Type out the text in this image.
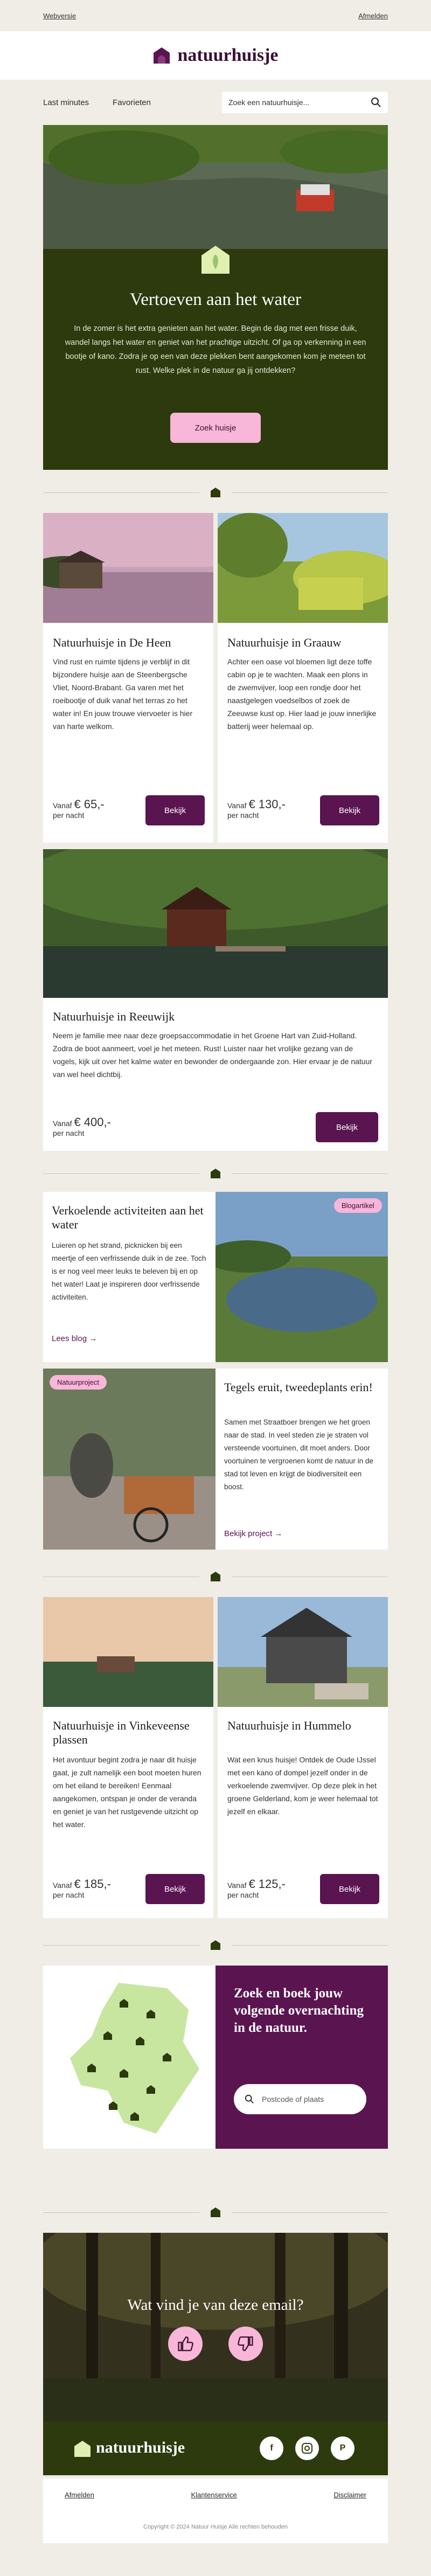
Webversie	Afmelden
natuurhuisje
Last minutes	Favorieten	Zoek een natuurhuisje...
Vertoeven aan het water

In de zomer is het extra genieten aan het water. Begin de dag met een frisse duik, wandel langs het water en geniet van het prachtige uitzicht. Of ga op verkenning in een bootje of kano. Zodra je op een van deze plekken bent aangekomen kom je meteen tot rust. Welke plek in de natuur ga jij ontdekken?

Zoek huisje
Natuurhuisje in De Heen
Vind rust en ruimte tijdens je verblijf in dit bijzondere huisje aan de Steenbergsche Vliet, Noord-Brabant. Ga varen met het roeibootje of duik vanaf het terras zo het water in! En jouw trouwe viervoeter is hier van harte welkom.
Vanaf € 65,-
per nacht
Bekijk
Natuurhuisje in Graauw
Achter een oase vol bloemen ligt deze toffe cabin op je te wachten. Maak een plons in de zwemvijver, loop een rondje door het naastgelegen voedselbos of zoek de Zeeuwse kust op. Hier laad je jouw innerlijke batterij weer helemaal op.
Vanaf € 130,-
per nacht
Bekijk
Natuurhuisje in Reeuwijk
Neem je familie mee naar deze groepsaccommodatie in het Groene Hart van Zuid-Holland. Zodra de boot aanmeert, voel je het meteen. Rust! Luister naar het vrolijke gezang van de vogels, kijk uit over het kalme water en bewonder de ondergaande zon. Hier ervaar je de natuur van wel heel dichtbij.
Vanaf € 400,-
per nacht
Bekijk
Verkoelende activiteiten aan het water
Luieren op het strand, picknicken bij een meertje of een verfrissende duik in de zee. Toch is er nog veel meer leuks te beleven bij en op het water! Laat je inspireren door verfrissende activiteiten.
Lees blog →
Blogartikel
Natuurproject	Tegels eruit, tweedeplants erin!
Samen met Straatboer brengen we het groen naar de stad. In veel steden zie je straten vol versteende voortuinen, dit moet anders. Door voortuinen te vergroenen komt de natuur in de stad tot leven en krijgt de biodiversiteit een boost.
Bekijk project →
Natuurhuisje in Vinkeveense plassen
Het avontuur begint zodra je naar dit huisje gaat, je zult namelijk een boot moeten huren om het eiland te bereiken! Eenmaal aangekomen, ontspan je onder de veranda en geniet je van het rustgevende uitzicht op het water.
Vanaf € 185,-
per nacht
Bekijk
Natuurhuisje in Hummelo
Wat een knus huisje! Ontdek de Oude IJssel met een kano of dompel jezelf onder in de verkoelende zwemvijver. Op deze plek in het groene Gelderland, kom je weer helemaal tot jezelf en elkaar.
Vanaf € 125,-
per nacht
Bekijk
Zoek en boek jouw volgende overnachting in de natuur.
Postcode of plaats
Wat vind je van deze email?
natuurhuisje	f	P
Afmelden	Klantenservice	Disclaimer
Copyright © 2024 Natuur Huisje Alle rechten behouden
